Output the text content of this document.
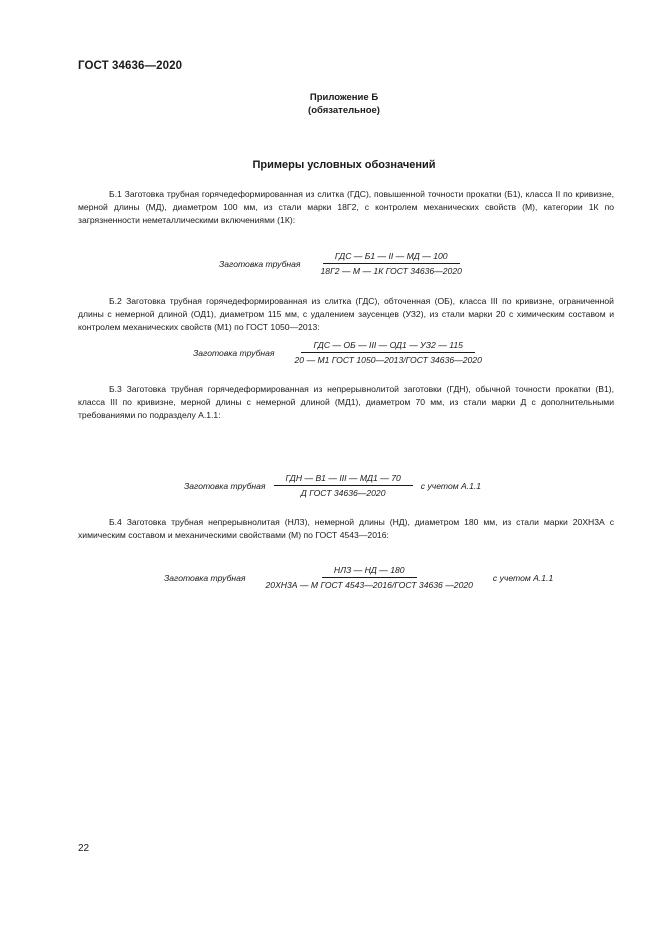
ГОСТ 34636—2020
Приложение Б
(обязательное)
Примеры условных обозначений
Б.1 Заготовка трубная горячедеформированная из слитка (ГДС), повышенной точности прокатки (Б1), класса II по кривизне, мерной длины (МД), диаметром 100 мм, из стали марки 18Г2, с контролем механических свойств (М), категории 1К по загрязненности неметаллическими включениями (1К):
Заготовка трубная $\frac{\text{ГДС — Б1 — II — МД — 100}}{\text{18Г2 — М — 1К ГОСТ 34636—2020}}$
Б.2 Заготовка трубная горячедеформированная из слитка (ГДС), обточенная (ОБ), класса III по кривизне, ограниченной длины с немерной длиной (ОД1), диаметром 115 мм, с удалением заусенцев (УЗ2), из стали марки 20 с химическим составом и контролем механических свойств (М1) по ГОСТ 1050—2013:
Заготовка трубная $\frac{\text{ГДС — ОБ — III — ОД1 — УЗ2 — 115}}{\text{20 — М1 ГОСТ 1050—2013/ГОСТ 34636—2020}}$
Б.3 Заготовка трубная горячедеформированная из непрерывнолитой заготовки (ГДН), обычной точности прокатки (В1), класса III по кривизне, мерной длины с немерной длиной (МД1), диаметром 70 мм, из стали марки Д с дополнительными требованиями по подразделу А.1.1:
Заготовка трубная $\frac{\text{ГДН — В1 — III — МД1 — 70}}{\text{Д ГОСТ 34636—2020}}$ с учетом А.1.1
Б.4 Заготовка трубная непрерывнолитая (НЛЗ), немерной длины (НД), диаметром 180 мм, из стали марки 20ХН3А с химическим составом и механическими свойствами (М) по ГОСТ 4543—2016:
Заготовка трубная $\frac{\text{НЛЗ — НД — 180}}{\text{20ХН3А — М ГОСТ 4543—2016/ГОСТ 34636 —2020}}$ с учетом А.1.1
22
